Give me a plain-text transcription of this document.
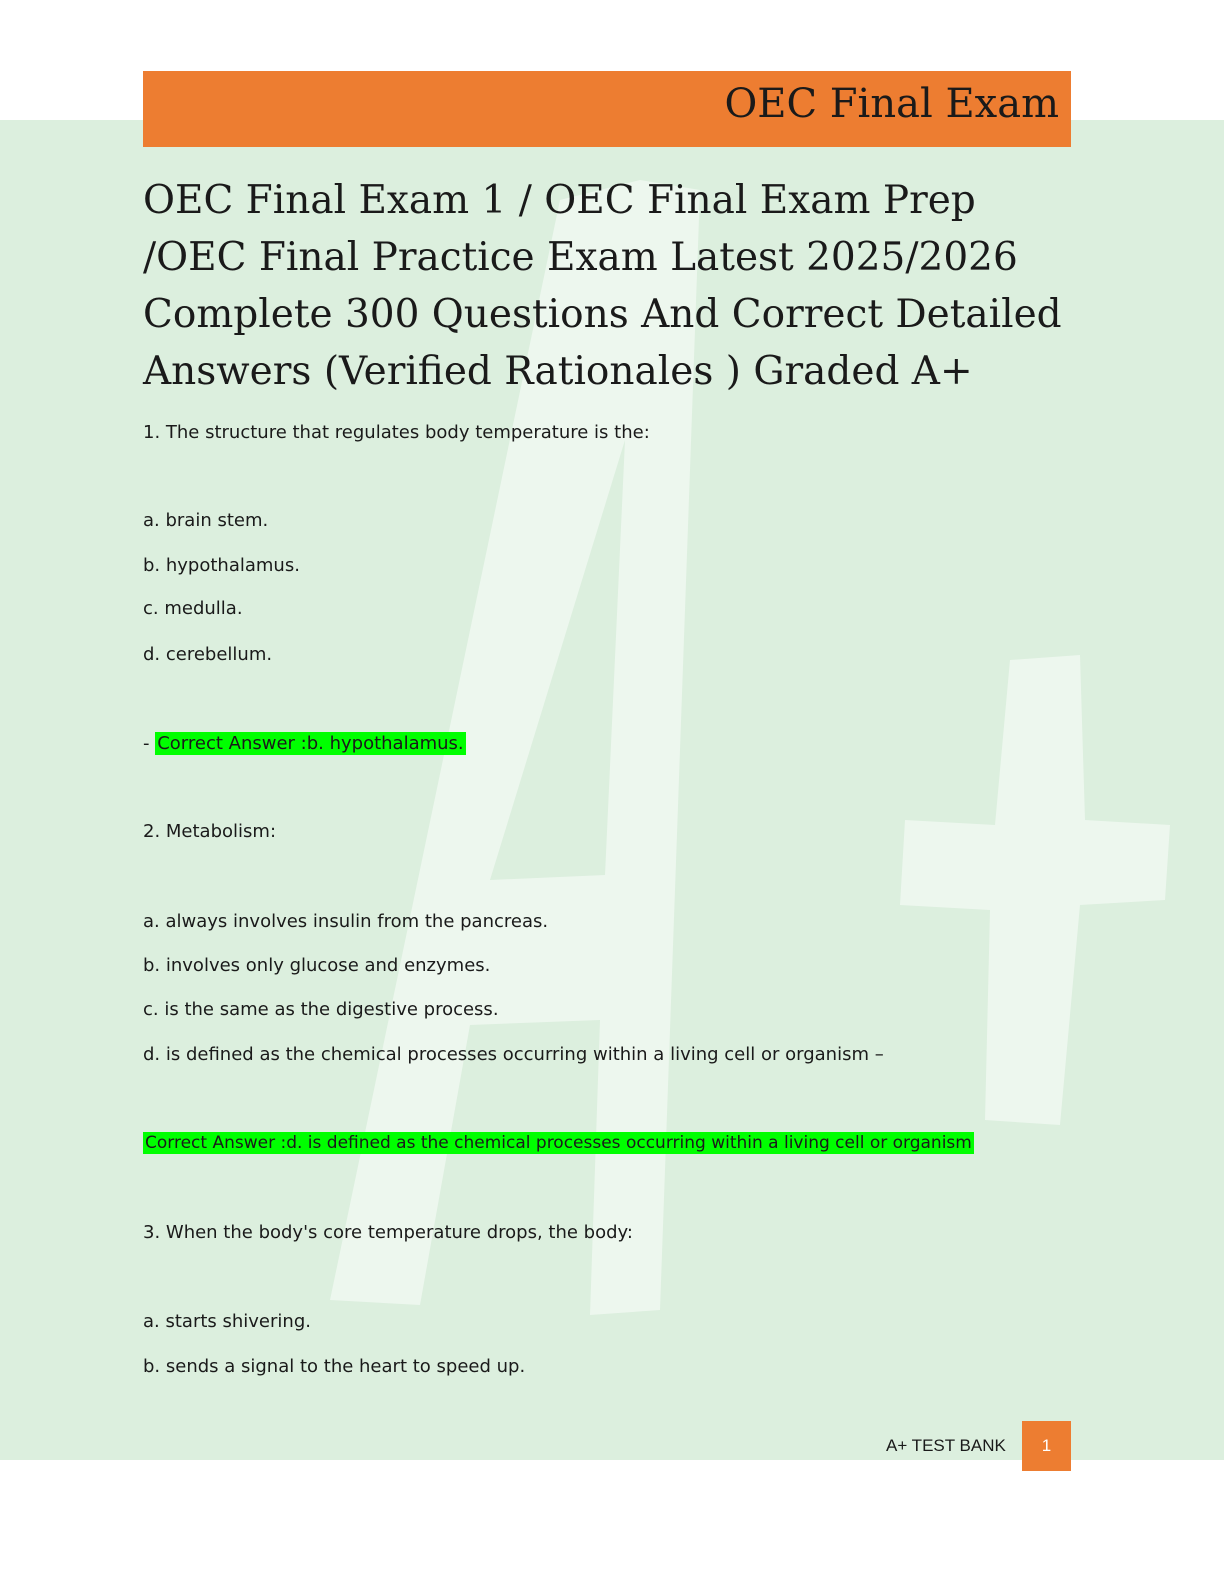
OEC Final Exam
OEC Final Exam 1 / OEC Final Exam Prep /OEC Final Practice Exam Latest 2025/2026 Complete 300 Questions And Correct Detailed Answers (Verified Rationales ) Graded A+
1. The structure that regulates body temperature is the:
a. brain stem.
b. hypothalamus.
c. medulla.
d. cerebellum.
- Correct Answer :b. hypothalamus.
2. Metabolism:
a. always involves insulin from the pancreas.
b. involves only glucose and enzymes.
c. is the same as the digestive process.
d. is defined as the chemical processes occurring within a living cell or organism –
Correct Answer :d. is defined as the chemical processes occurring within a living cell or organism
3. When the body's core temperature drops, the body:
a. starts shivering.
b. sends a signal to the heart to speed up.
A+ TEST BANK	1
